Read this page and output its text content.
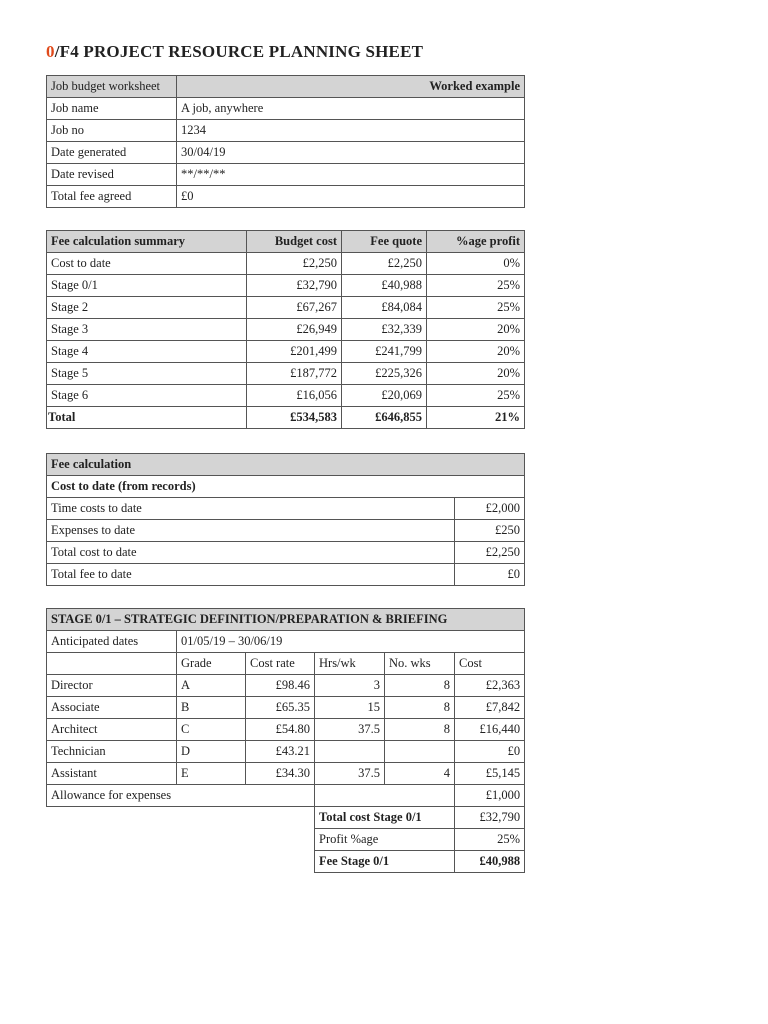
0/F4 PROJECT RESOURCE PLANNING SHEET
Job budget worksheet	Worked example
Job name	A job, anywhere
Job no	1234
Date generated	30/04/19
Date revised	**/**/**
Total fee agreed	£0
Fee calculation summary	Budget cost	Fee quote	%age profit
Cost to date	£2,250	£2,250	0%
Stage 0/1	£32,790	£40,988	25%
Stage 2	£67,267	£84,084	25%
Stage 3	£26,949	£32,339	20%
Stage 4	£201,499	£241,799	20%
Stage 5	£187,772	£225,326	20%
Stage 6	£16,056	£20,069	25%
Total	£534,583	£646,855	21%
Fee calculation	
Cost to date (from records)	
Time costs to date	£2,000
Expenses to date	£250
Total cost to date	£2,250
Total fee to date	£0
STAGE 0/1 – STRATEGIC DEFINITION/PREPARATION & BRIEFING					
Anticipated dates	01/05/19 – 30/06/19				
	Grade	Cost rate	Hrs/wk	No. wks	Cost
Director	A	£98.46	3	8	£2,363
Associate	B	£65.35	15	8	£7,842
Architect	C	£54.80	37.5	8	£16,440
Technician	D	£43.21			£0
Assistant	E	£34.30	37.5	4	£5,145
Allowance for expenses					£1,000
			Total cost Stage 0/1		£32,790
			Profit %age		25%
			Fee Stage 0/1		£40,988
